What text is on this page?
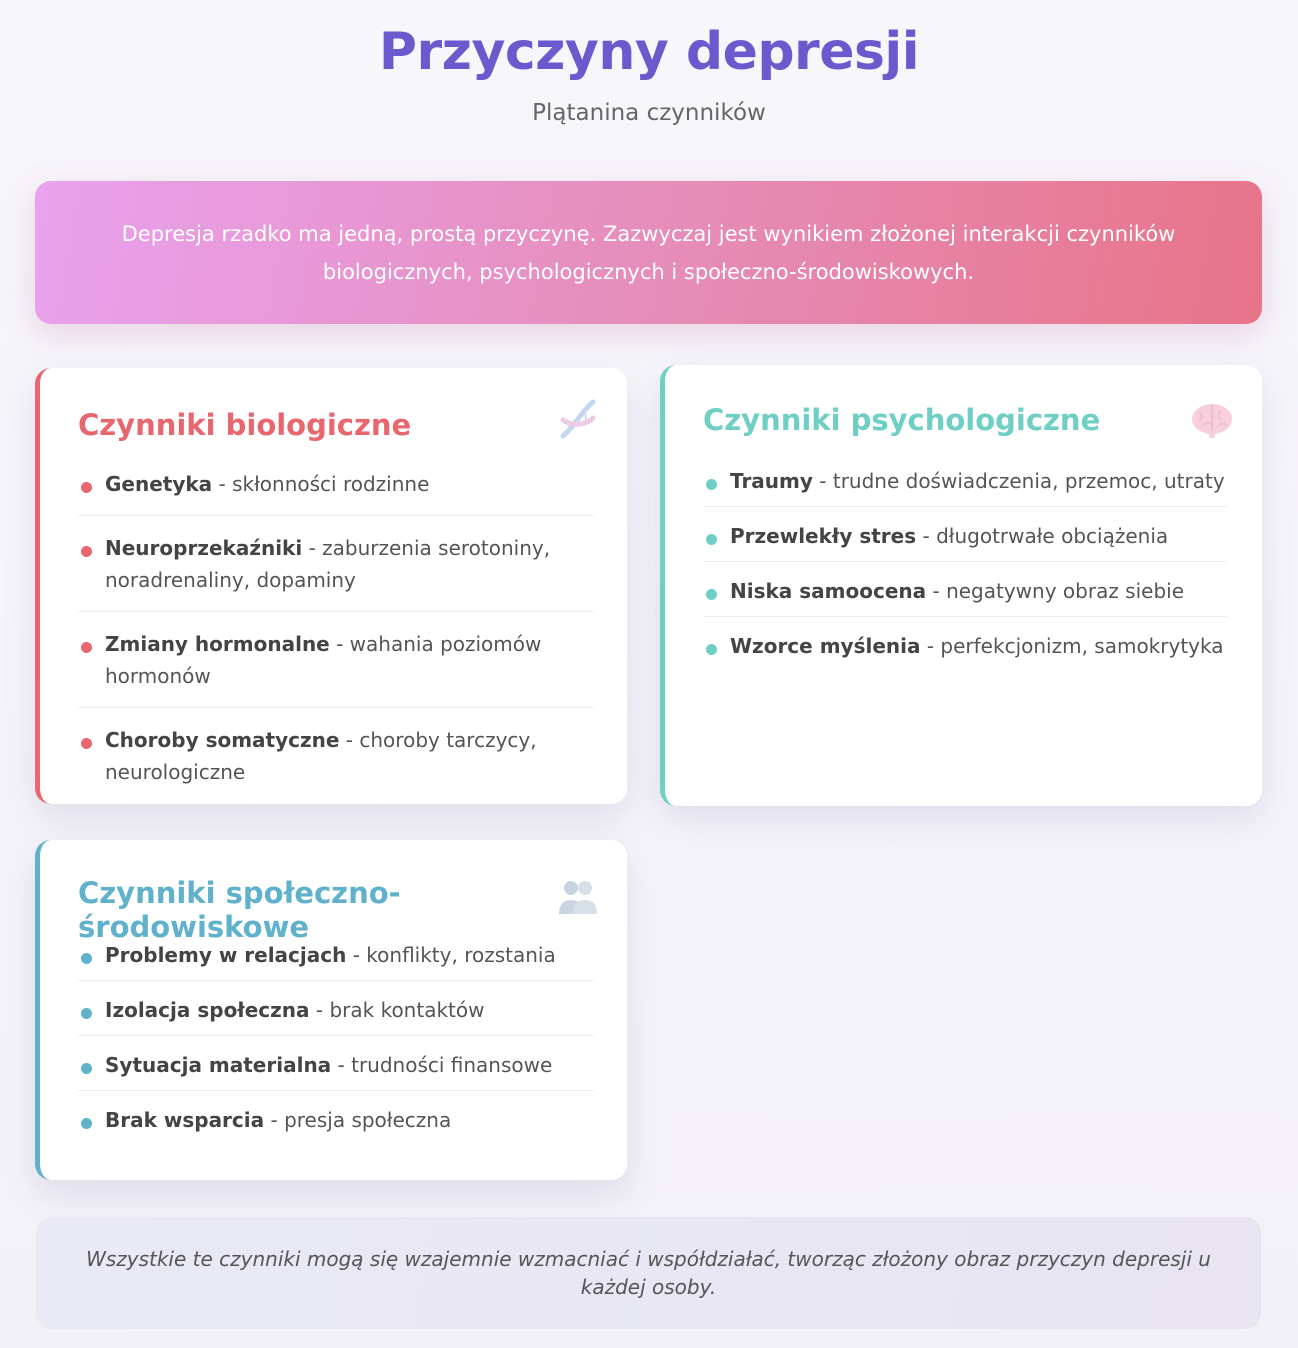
Przyczyny depresji
Plątanina czynników

Depresja rzadko ma jedną, prostą przyczynę. Zazwyczaj jest wynikiem złożonej interakcji czynników biologicznych, psychologicznych i społeczno-środowiskowych.

Czynniki biologiczne
Genetyka - skłonności rodzinne
Neuroprzekaźniki - zaburzenia serotoniny, noradrenaliny, dopaminy
Zmiany hormonalne - wahania poziomów hormonów
Choroby somatyczne - choroby tarczycy, neurologiczne
Czynniki psychologiczne
Traumy - trudne doświadczenia, przemoc, utraty
Przewlekły stres - długotrwałe obciążenia
Niska samoocena - negatywny obraz siebie
Wzorce myślenia - perfekcjonizm, samokrytyka
Czynniki społeczno-środowiskowe
Problemy w relacjach - konflikty, rozstania
Izolacja społeczna - brak kontaktów
Sytuacja materialna - trudności finansowe
Brak wsparcia - presja społeczna

Wszystkie te czynniki mogą się wzajemnie wzmacniać i współdziałać, tworząc złożony obraz przyczyn depresji u każdej osoby.
